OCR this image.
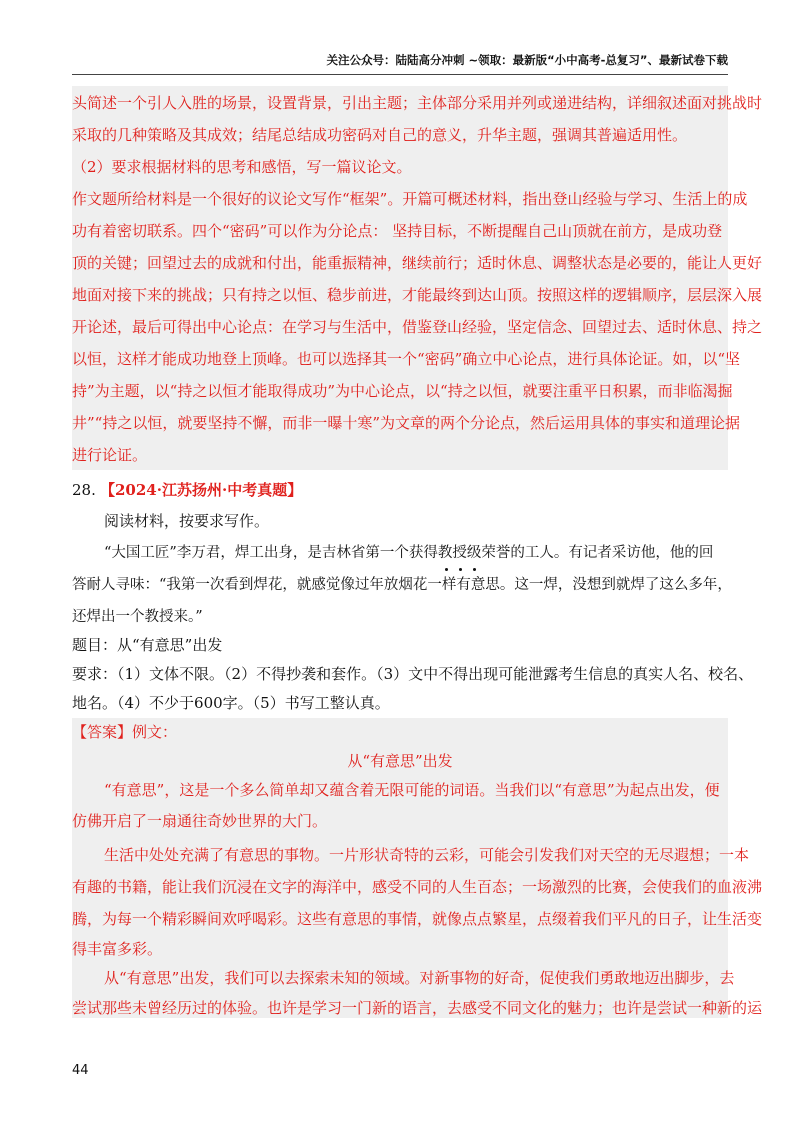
关注公众号：陆陆高分冲刺 ~领取：最新版“小中高考-总复习”、最新试卷下载
头简述一个引人入胜的场景，设置背景，引出主题；主体部分采用并列或递进结构，详细叙述面对挑战时
采取的几种策略及其成效；结尾总结成功密码对自己的意义，升华主题，强调其普遍适用性。
（2）要求根据材料的思考和感悟，写一篇议论文。
作文题所给材料是一个很好的议论文写作“框架”。开篇可概述材料，指出登山经验与学习、生活上的成
功有着密切联系。四个“密码”可以作为分论点： 坚持目标，不断提醒自己山顶就在前方，是成功登
顶的关键；回望过去的成就和付出，能重振精神，继续前行；适时休息、调整状态是必要的，能让人更好
地面对接下来的挑战；只有持之以恒、稳步前进，才能最终到达山顶。按照这样的逻辑顺序，层层深入展
开论述，最后可得出中心论点：在学习与生活中，借鉴登山经验，坚定信念、回望过去、适时休息、持之
以恒，这样才能成功地登上顶峰。也可以选择其一个“密码”确立中心论点，进行具体论证。如，以“坚
持”为主题，以“持之以恒才能取得成功”为中心论点，以“持之以恒，就要注重平日积累，而非临渴掘
井”“持之以恒，就要坚持不懈，而非一曝十寒”为文章的两个分论点，然后运用具体的事实和道理论据
进行论证。
28. 【2024·江苏扬州·中考真题】
阅读材料，按要求写作。
“大国工匠”李万君，焊工出身，是吉林省第一个获得教授级荣誉的工人。有记者采访他，他的回
答耐人寻味：“我第一次看到焊花，就感觉像过年放烟花一样有意思。这一焊，没想到就焊了这么多年，
还焊出一个教授来。”
题目：从“有意思”出发
要求：（1）文体不限。（2）不得抄袭和套作。（3）文中不得出现可能泄露考生信息的真实人名、校名、
地名。（4）不少于600字。（5）书写工整认真。
【答案】例文：
从“有意思”出发
“有意思”，这是一个多么简单却又蕴含着无限可能的词语。当我们以“有意思”为起点出发，便
仿佛开启了一扇通往奇妙世界的大门。
生活中处处充满了有意思的事物。一片形状奇特的云彩，可能会引发我们对天空的无尽遐想；一本
有趣的书籍，能让我们沉浸在文字的海洋中，感受不同的人生百态；一场激烈的比赛，会使我们的血液沸
腾，为每一个精彩瞬间欢呼喝彩。这些有意思的事情，就像点点繁星，点缀着我们平凡的日子，让生活变
得丰富多彩。
从“有意思”出发，我们可以去探索未知的领域。对新事物的好奇，促使我们勇敢地迈出脚步，去
尝试那些未曾经历过的体验。也许是学习一门新的语言，去感受不同文化的魅力；也许是尝试一种新的运
44
